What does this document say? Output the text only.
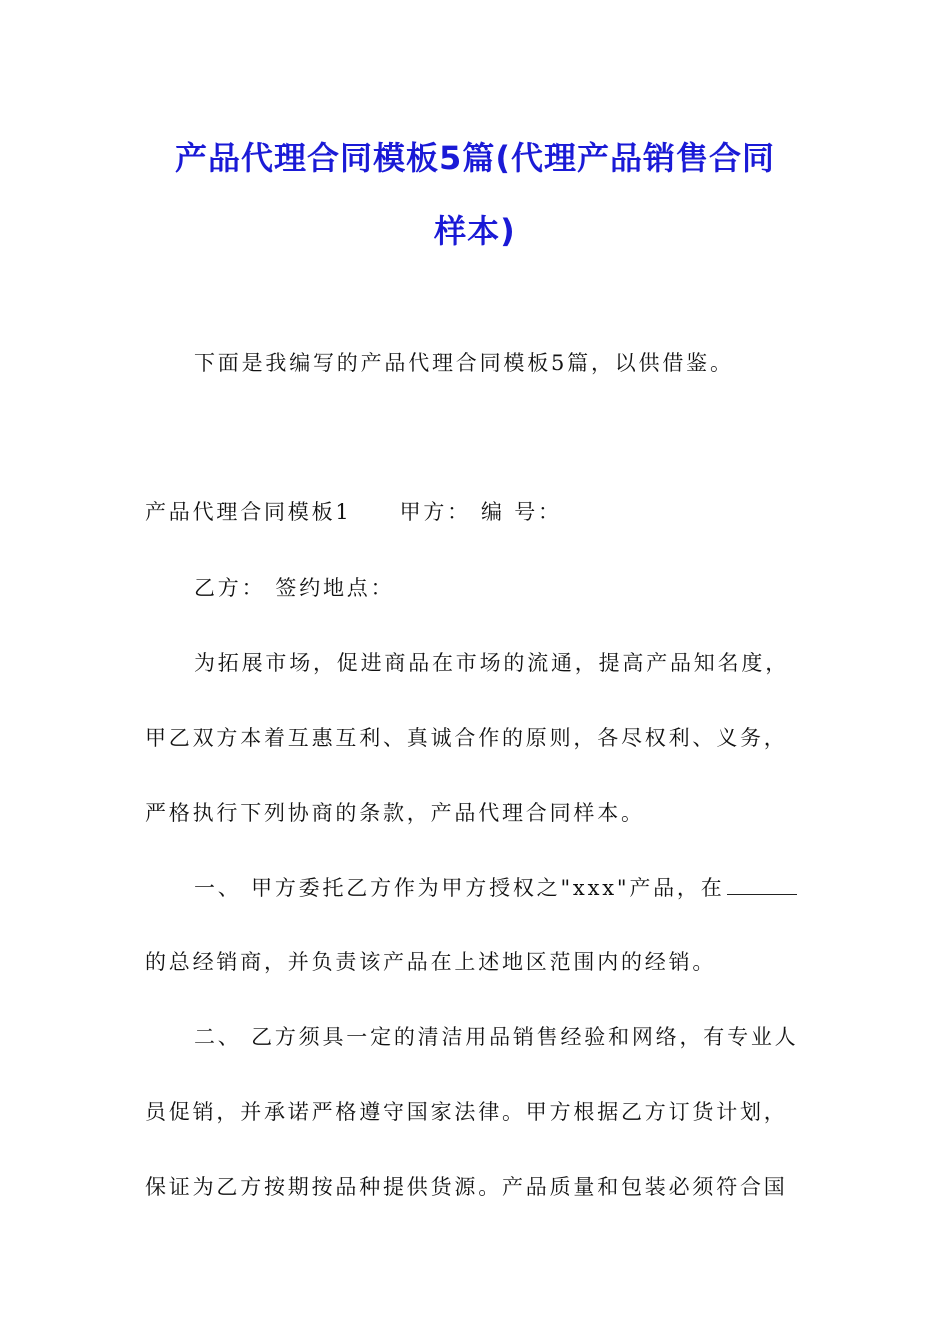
产品代理合同模板5篇(代理产品销售合同
样本)
下面是我编写的产品代理合同模板5篇，以供借鉴。
产品代理合同模板1 甲方： 编 号：
乙方： 签约地点：
为拓展市场，促进商品在市场的流通，提高产品知名度，
甲乙双方本着互惠互利、真诚合作的原则，各尽权利、义务，
严格执行下列协商的条款，产品代理合同样本。
一、 甲方委托乙方作为甲方授权之"xxx"产品，在
的总经销商，并负责该产品在上述地区范围内的经销。
二、 乙方须具一定的清洁用品销售经验和网络，有专业人
员促销，并承诺严格遵守国家法律。甲方根据乙方订货计划，
保证为乙方按期按品种提供货源。产品质量和包装必须符合国
